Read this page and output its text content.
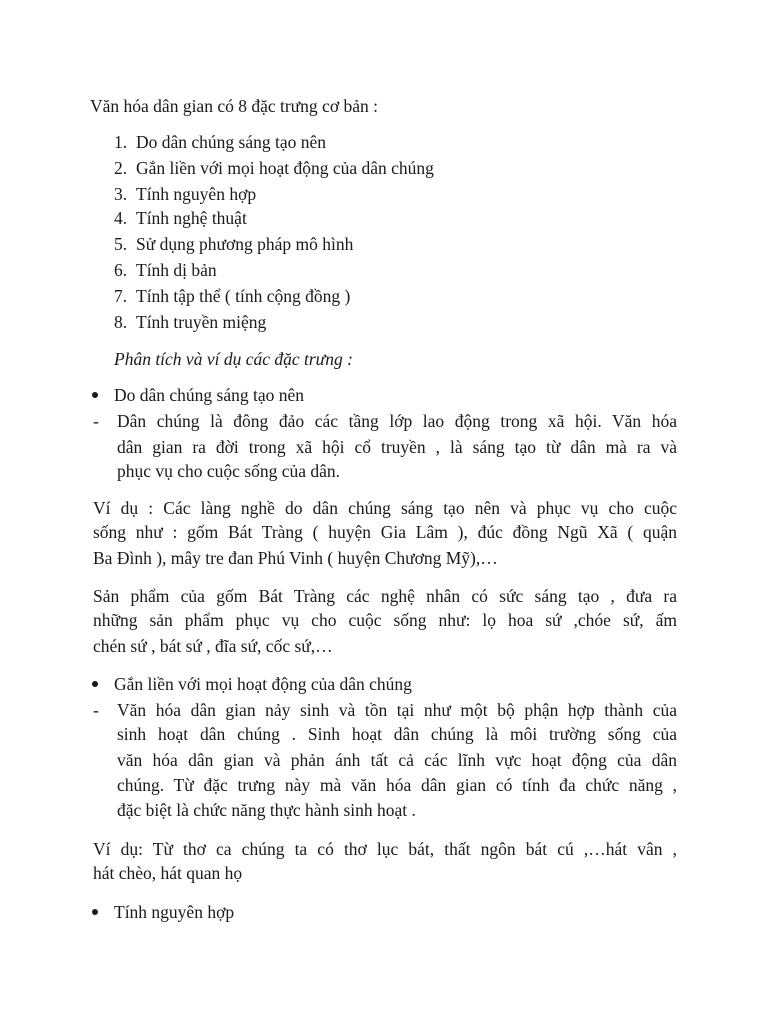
Văn hóa dân gian có 8 đặc trưng cơ bản :
1. Do dân chúng sáng tạo nên
2. Gắn liền với mọi hoạt động của dân chúng
3. Tính nguyên hợp
4. Tính nghệ thuật
5. Sử dụng phương pháp mô hình
6. Tính dị bản
7. Tính tập thể ( tính cộng đồng )
8. Tính truyền miệng
Phân tích và ví dụ các đặc trưng :
Do dân chúng sáng tạo nên
- Dân chúng là đông đảo các tầng lớp lao động trong xã hội. Văn hóa
dân gian ra đời trong xã hội cổ truyền , là sáng tạo từ dân mà ra và
phục vụ cho cuộc sống của dân.
Ví dụ : Các làng nghề do dân chúng sáng tạo nên và phục vụ cho cuộc
sống như : gốm Bát Tràng ( huyện Gia Lâm ), đúc đồng Ngũ Xã ( quận
Ba Đình ), mây tre đan Phú Vinh ( huyện Chương Mỹ),…
Sản phẩm của gốm Bát Tràng các nghệ nhân có sức sáng tạo , đưa ra
những sản phẩm phục vụ cho cuộc sống như: lọ hoa sứ ,chóe sứ, ấm
chén sứ , bát sứ , đĩa sứ, cốc sứ,…
Gắn liền với mọi hoạt động của dân chúng
- Văn hóa dân gian nảy sinh và tồn tại như một bộ phận hợp thành của
sinh hoạt dân chúng . Sinh hoạt dân chúng là môi trường sống của
văn hóa dân gian và phản ánh tất cả các lĩnh vực hoạt động của dân
chúng. Từ đặc trưng này mà văn hóa dân gian có tính đa chức năng ,
đặc biệt là chức năng thực hành sinh hoạt .
Ví dụ: Từ thơ ca chúng ta có thơ lục bát, thất ngôn bát cú ,…hát vân ,
hát chèo, hát quan họ
Tính nguyên hợp
